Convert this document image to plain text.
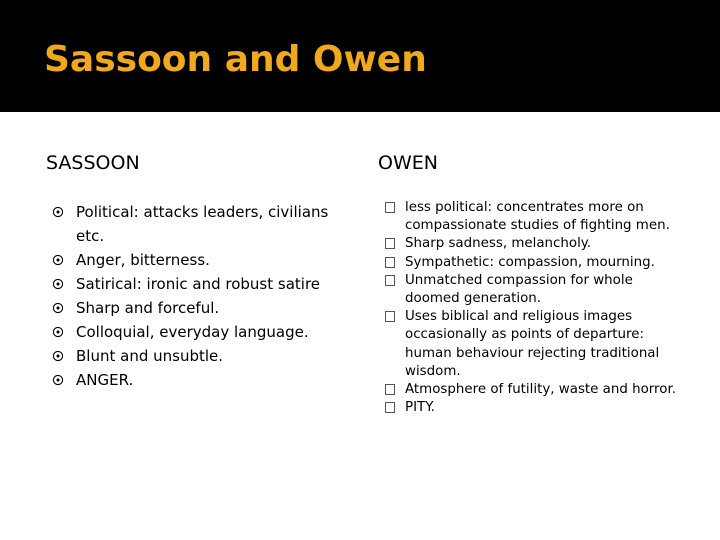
Sassoon and Owen
SASSOON
Political: attacks leaders, civilians etc.
Anger, bitterness.
Satirical: ironic and robust satire
Sharp and forceful.
Colloquial, everyday language.
Blunt and unsubtle.
ANGER.
OWEN
less political: concentrates more on compassionate studies of fighting men.
Sharp sadness, melancholy.
Sympathetic: compassion, mourning.
Unmatched compassion for whole doomed generation.
Uses biblical and religious images occasionally as points of departure: human behaviour rejecting traditional wisdom.
Atmosphere of futility, waste and horror.
PITY.
